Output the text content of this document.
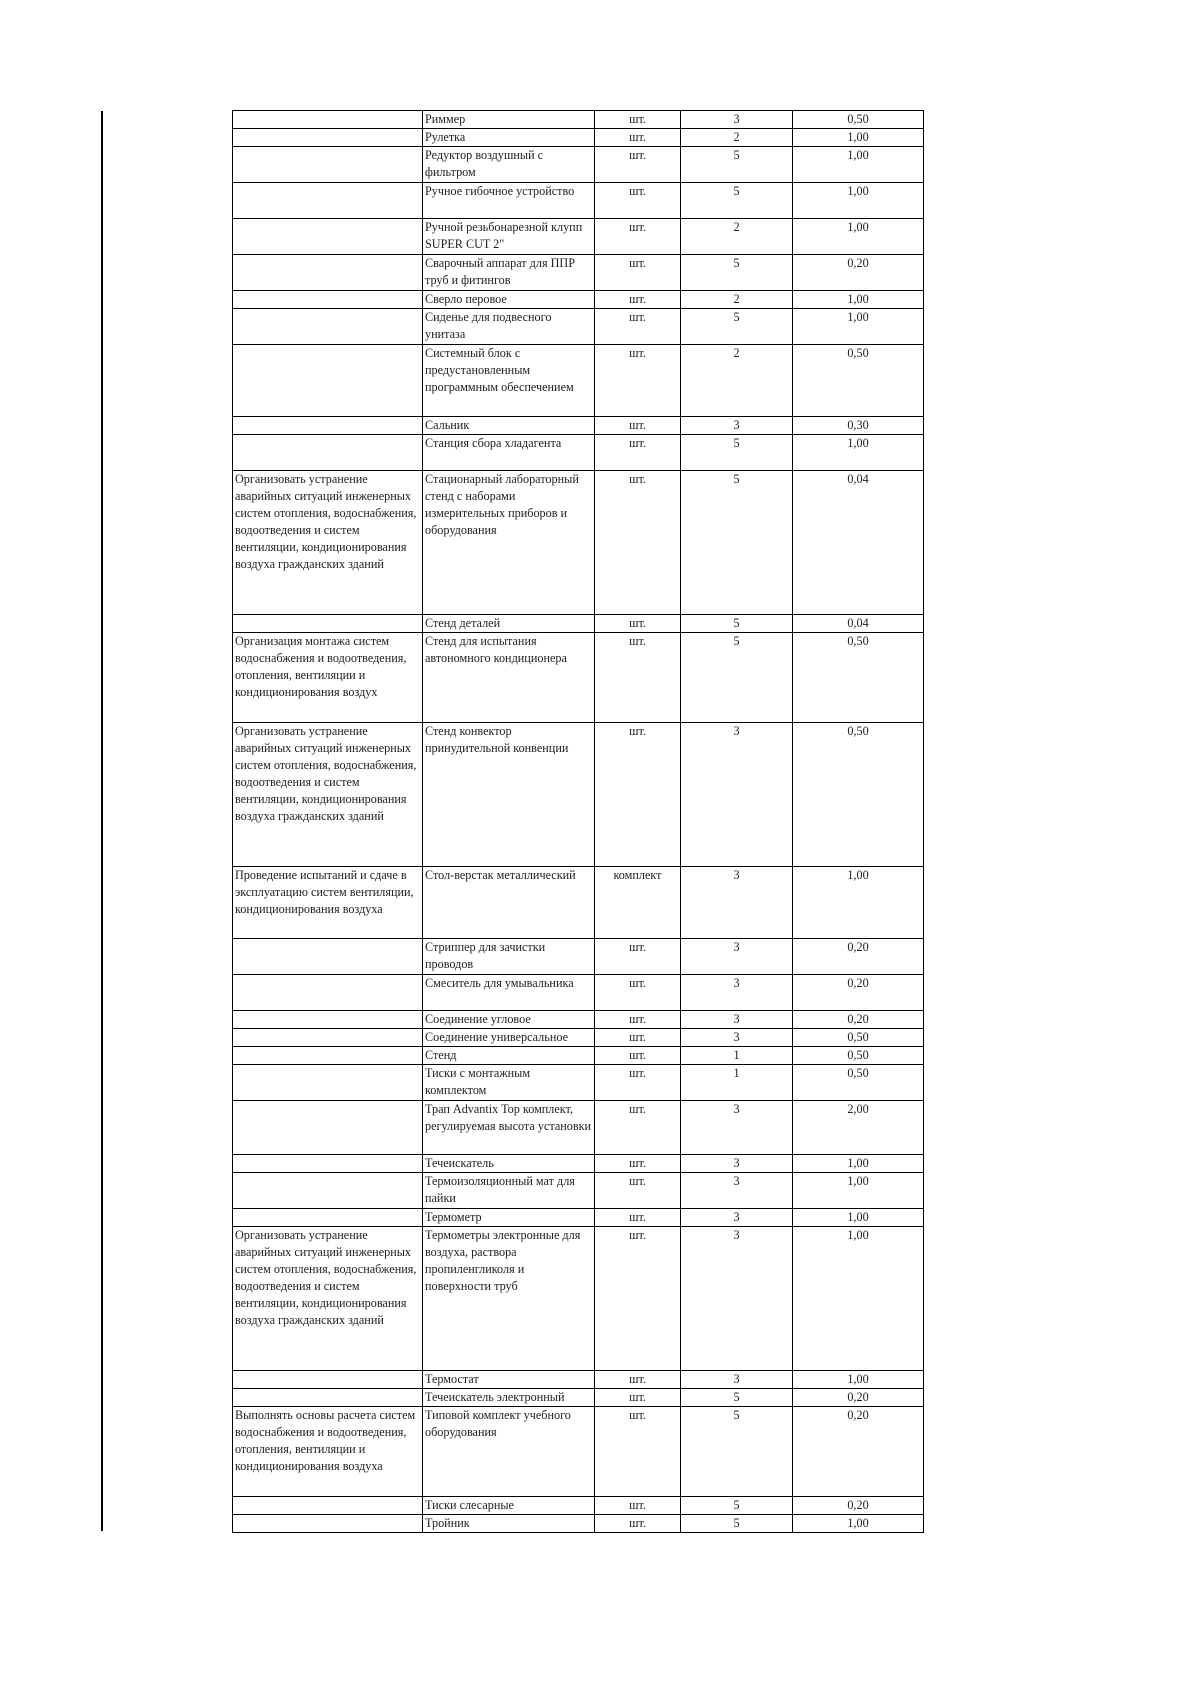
	Риммер	шт.	3	0,50
	Рулетка	шт.	2	1,00
	Редуктор воздушный с фильтром	шт.	5	1,00
	Ручное гибочное устройство	шт.	5	1,00
	Ручной резьбонарезной клупп SUPER CUT 2"	шт.	2	1,00
	Сварочный аппарат для ППР труб и фитингов	шт.	5	0,20
	Сверло перовое	шт.	2	1,00
	Сиденье для подвесного унитаза	шт.	5	1,00
	Системный блок с предустановленным программным обеспечением	шт.	2	0,50
	Сальник	шт.	3	0,30
	Станция сбора хладагента	шт.	5	1,00
Организовать устранение аварийных ситуаций инженерных систем отопления, водоснабжения, водоотведения и систем вентиляции, кондиционирования воздуха гражданских зданий	Стационарный лабораторный стенд с наборами измерительных приборов и оборудования	шт.	5	0,04
	Стенд деталей	шт.	5	0,04
Организация монтажа систем водоснабжения и водоотведения, отопления, вентиляции и кондиционирования воздух	Стенд для испытания автономного кондиционера	шт.	5	0,50
Организовать устранение аварийных ситуаций инженерных систем отопления, водоснабжения, водоотведения и систем вентиляции, кондиционирования воздуха гражданских зданий	Стенд конвектор принудительной конвенции	шт.	3	0,50
Проведение испытаний и сдаче в эксплуатацию систем вентиляции, кондиционирования воздуха	Стол-верстак металлический	комплект	3	1,00
	Стриппер для зачистки проводов	шт.	3	0,20
	Смеситель для умывальника	шт.	3	0,20
	Соединение угловое	шт.	3	0,20
	Соединение универсальное	шт.	3	0,50
	Стенд	шт.	1	0,50
	Тиски с монтажным комплектом	шт.	1	0,50
	Трап Advantix Top комплект, регулируемая высота установки	шт.	3	2,00
	Течеискатель	шт.	3	1,00
	Термоизоляционный мат для пайки	шт.	3	1,00
	Термометр	шт.	3	1,00
Организовать устранение аварийных ситуаций инженерных систем отопления, водоснабжения, водоотведения и систем вентиляции, кондиционирования воздуха гражданских зданий	Термометры электронные для воздуха, раствора пропиленгликоля и поверхности труб	шт.	3	1,00
	Термостат	шт.	3	1,00
	Течеискатель электронный	шт.	5	0,20
Выполнять основы расчета систем водоснабжения и водоотведения, отопления, вентиляции и кондиционирования воздуха	Типовой комплект учебного оборудования	шт.	5	0,20
	Тиски слесарные	шт.	5	0,20
	Тройник	шт.	5	1,00
